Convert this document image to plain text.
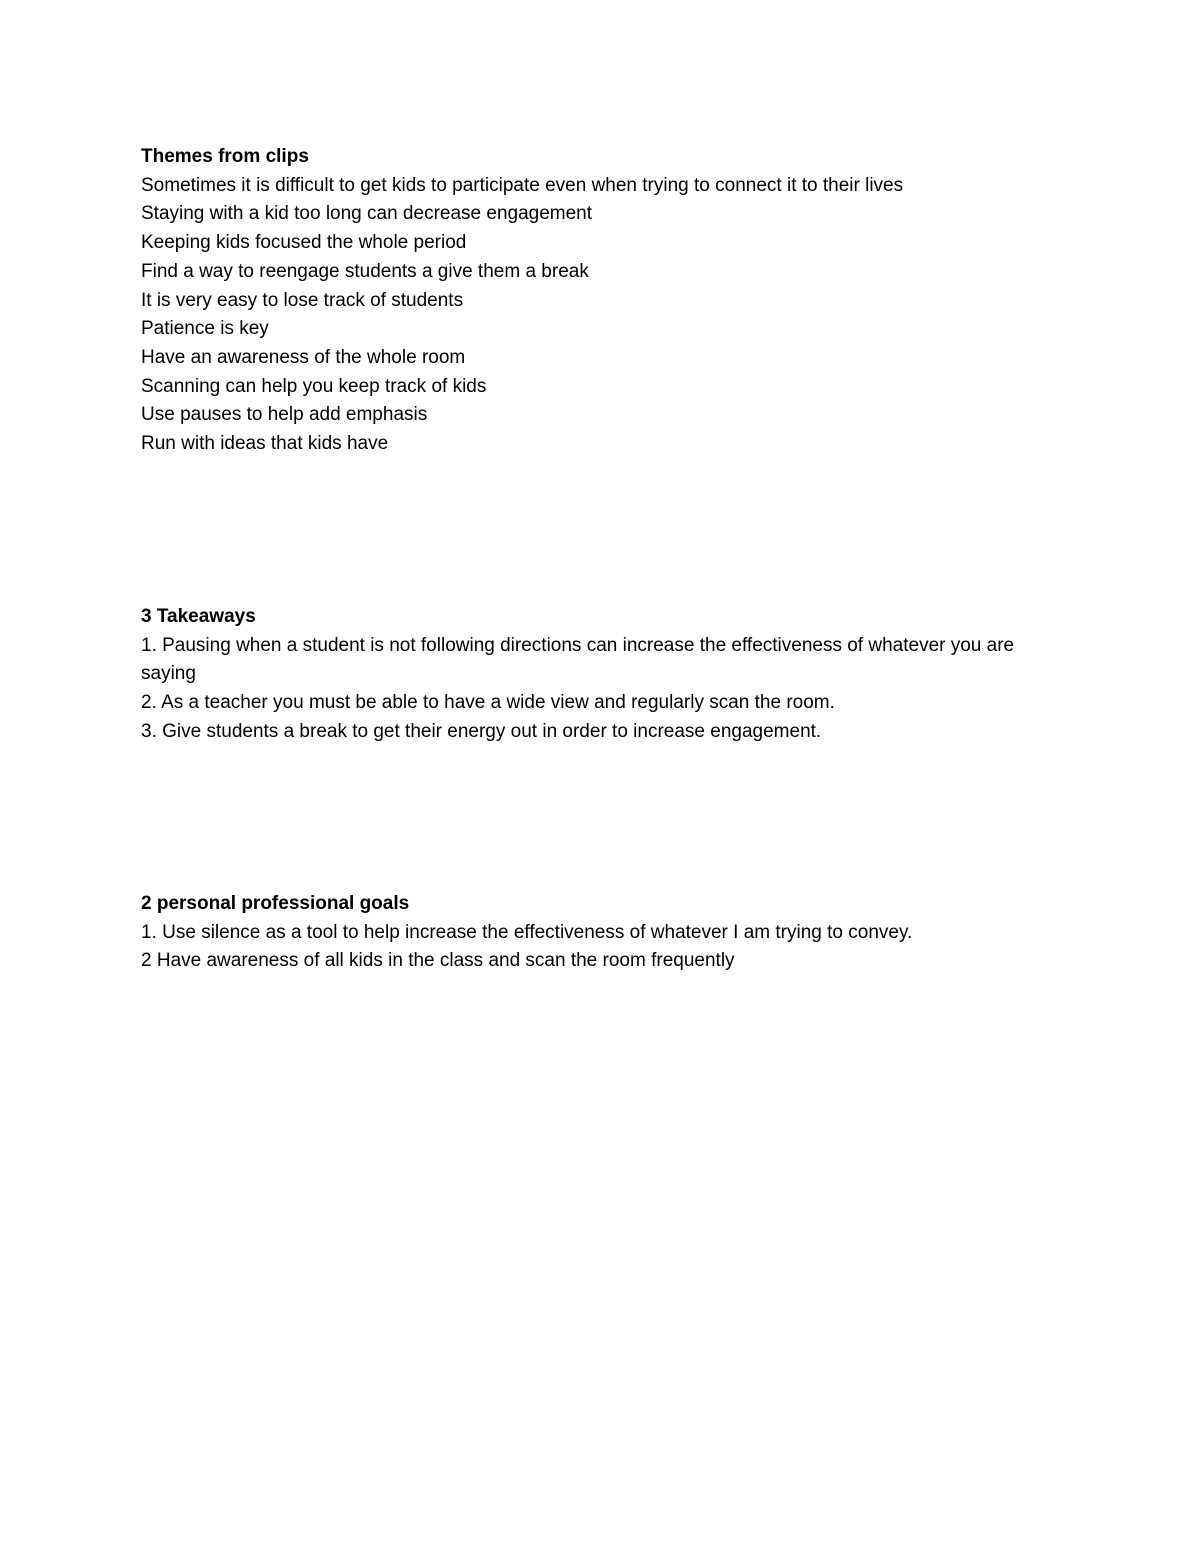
Themes from clips

Sometimes it is difficult to get kids to participate even when trying to connect it to their lives

Staying with a kid too long can decrease engagement

Keeping kids focused the whole period

Find a way to reengage students a give them a break

It is very easy to lose track of students

Patience is key

Have an awareness of the whole room

Scanning can help you keep track of kids

Use pauses to help add emphasis

Run with ideas that kids have

3 Takeaways

1. Pausing when a student is not following directions can increase the effectiveness of whatever you are saying

2. As a teacher you must be able to have a wide view and regularly scan the room.

3. Give students a break to get their energy out in order to increase engagement.

2 personal professional goals

1. Use silence as a tool to help increase the effectiveness of whatever I am trying to convey.

2 Have awareness of all kids in the class and scan the room frequently
